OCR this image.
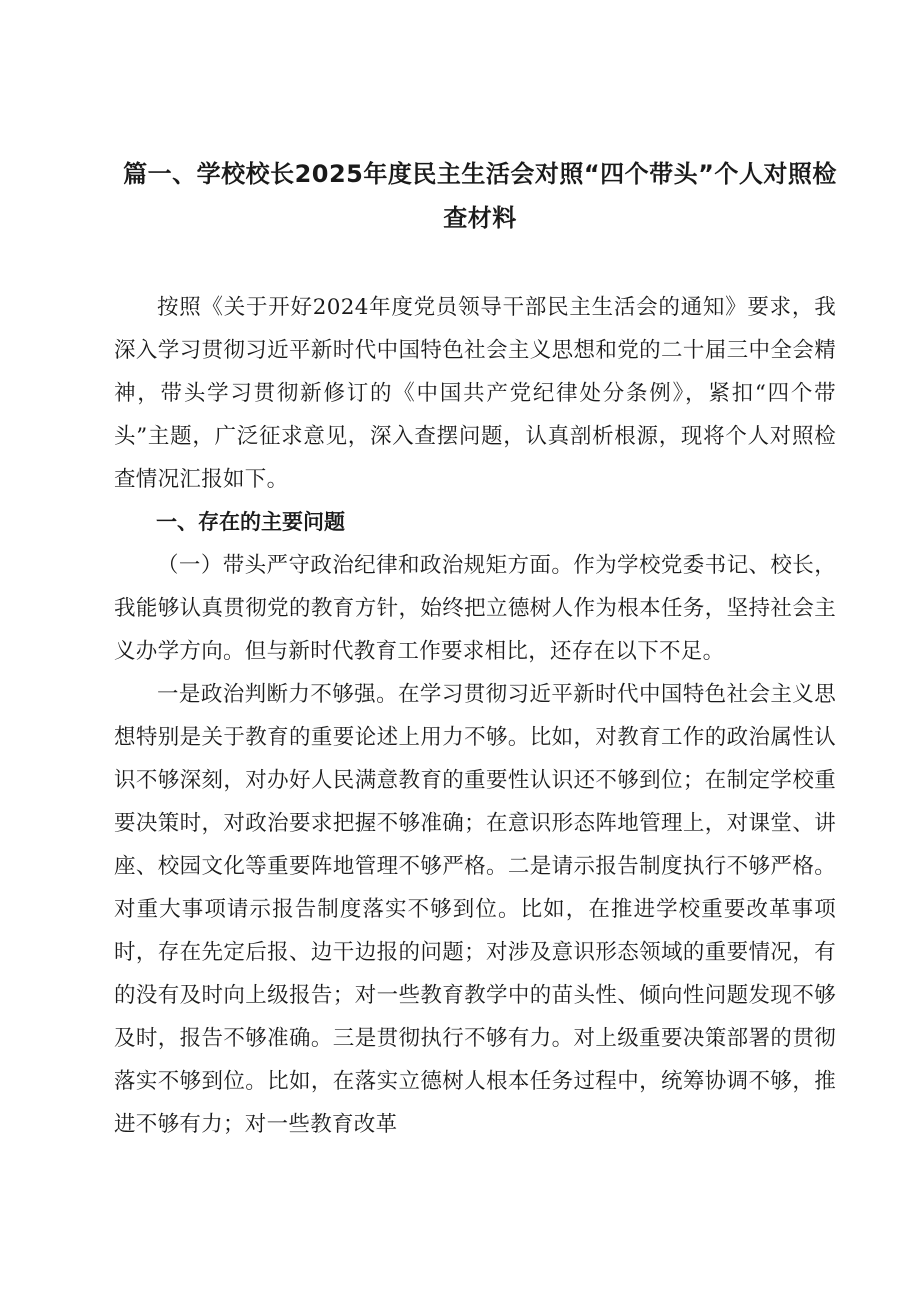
篇一、学校校长2025年度民主生活会对照“四个带头”个人对照检
查材料

按照《关于开好2024年度党员领导干部民主生活会的通知》要求，我深入学习贯彻习近平新时代中国特色社会主义思想和党的二十届三中全会精神，带头学习贯彻新修订的《中国共产党纪律处分条例》，紧扣“四个带头”主题，广泛征求意见，深入查摆问题，认真剖析根源，现将个人对照检查情况汇报如下。

一、存在的主要问题

（一）带头严守政治纪律和政治规矩方面。作为学校党委书记、校长，我能够认真贯彻党的教育方针，始终把立德树人作为根本任务，坚持社会主义办学方向。但与新时代教育工作要求相比，还存在以下不足。

一是政治判断力不够强。在学习贯彻习近平新时代中国特色社会主义思想特别是关于教育的重要论述上用力不够。比如，对教育工作的政治属性认识不够深刻，对办好人民满意教育的重要性认识还不够到位；在制定学校重要决策时，对政治要求把握不够准确；在意识形态阵地管理上，对课堂、讲座、校园文化等重要阵地管理不够严格。二是请示报告制度执行不够严格。对重大事项请示报告制度落实不够到位。比如，在推进学校重要改革事项时，存在先定后报、边干边报的问题；对涉及意识形态领域的重要情况，有的没有及时向上级报告；对一些教育教学中的苗头性、倾向性问题发现不够及时，报告不够准确。三是贯彻执行不够有力。对上级重要决策部署的贯彻落实不够到位。比如，在落实立德树人根本任务过程中，统筹协调不够，推进不够有力；对一些教育改革
